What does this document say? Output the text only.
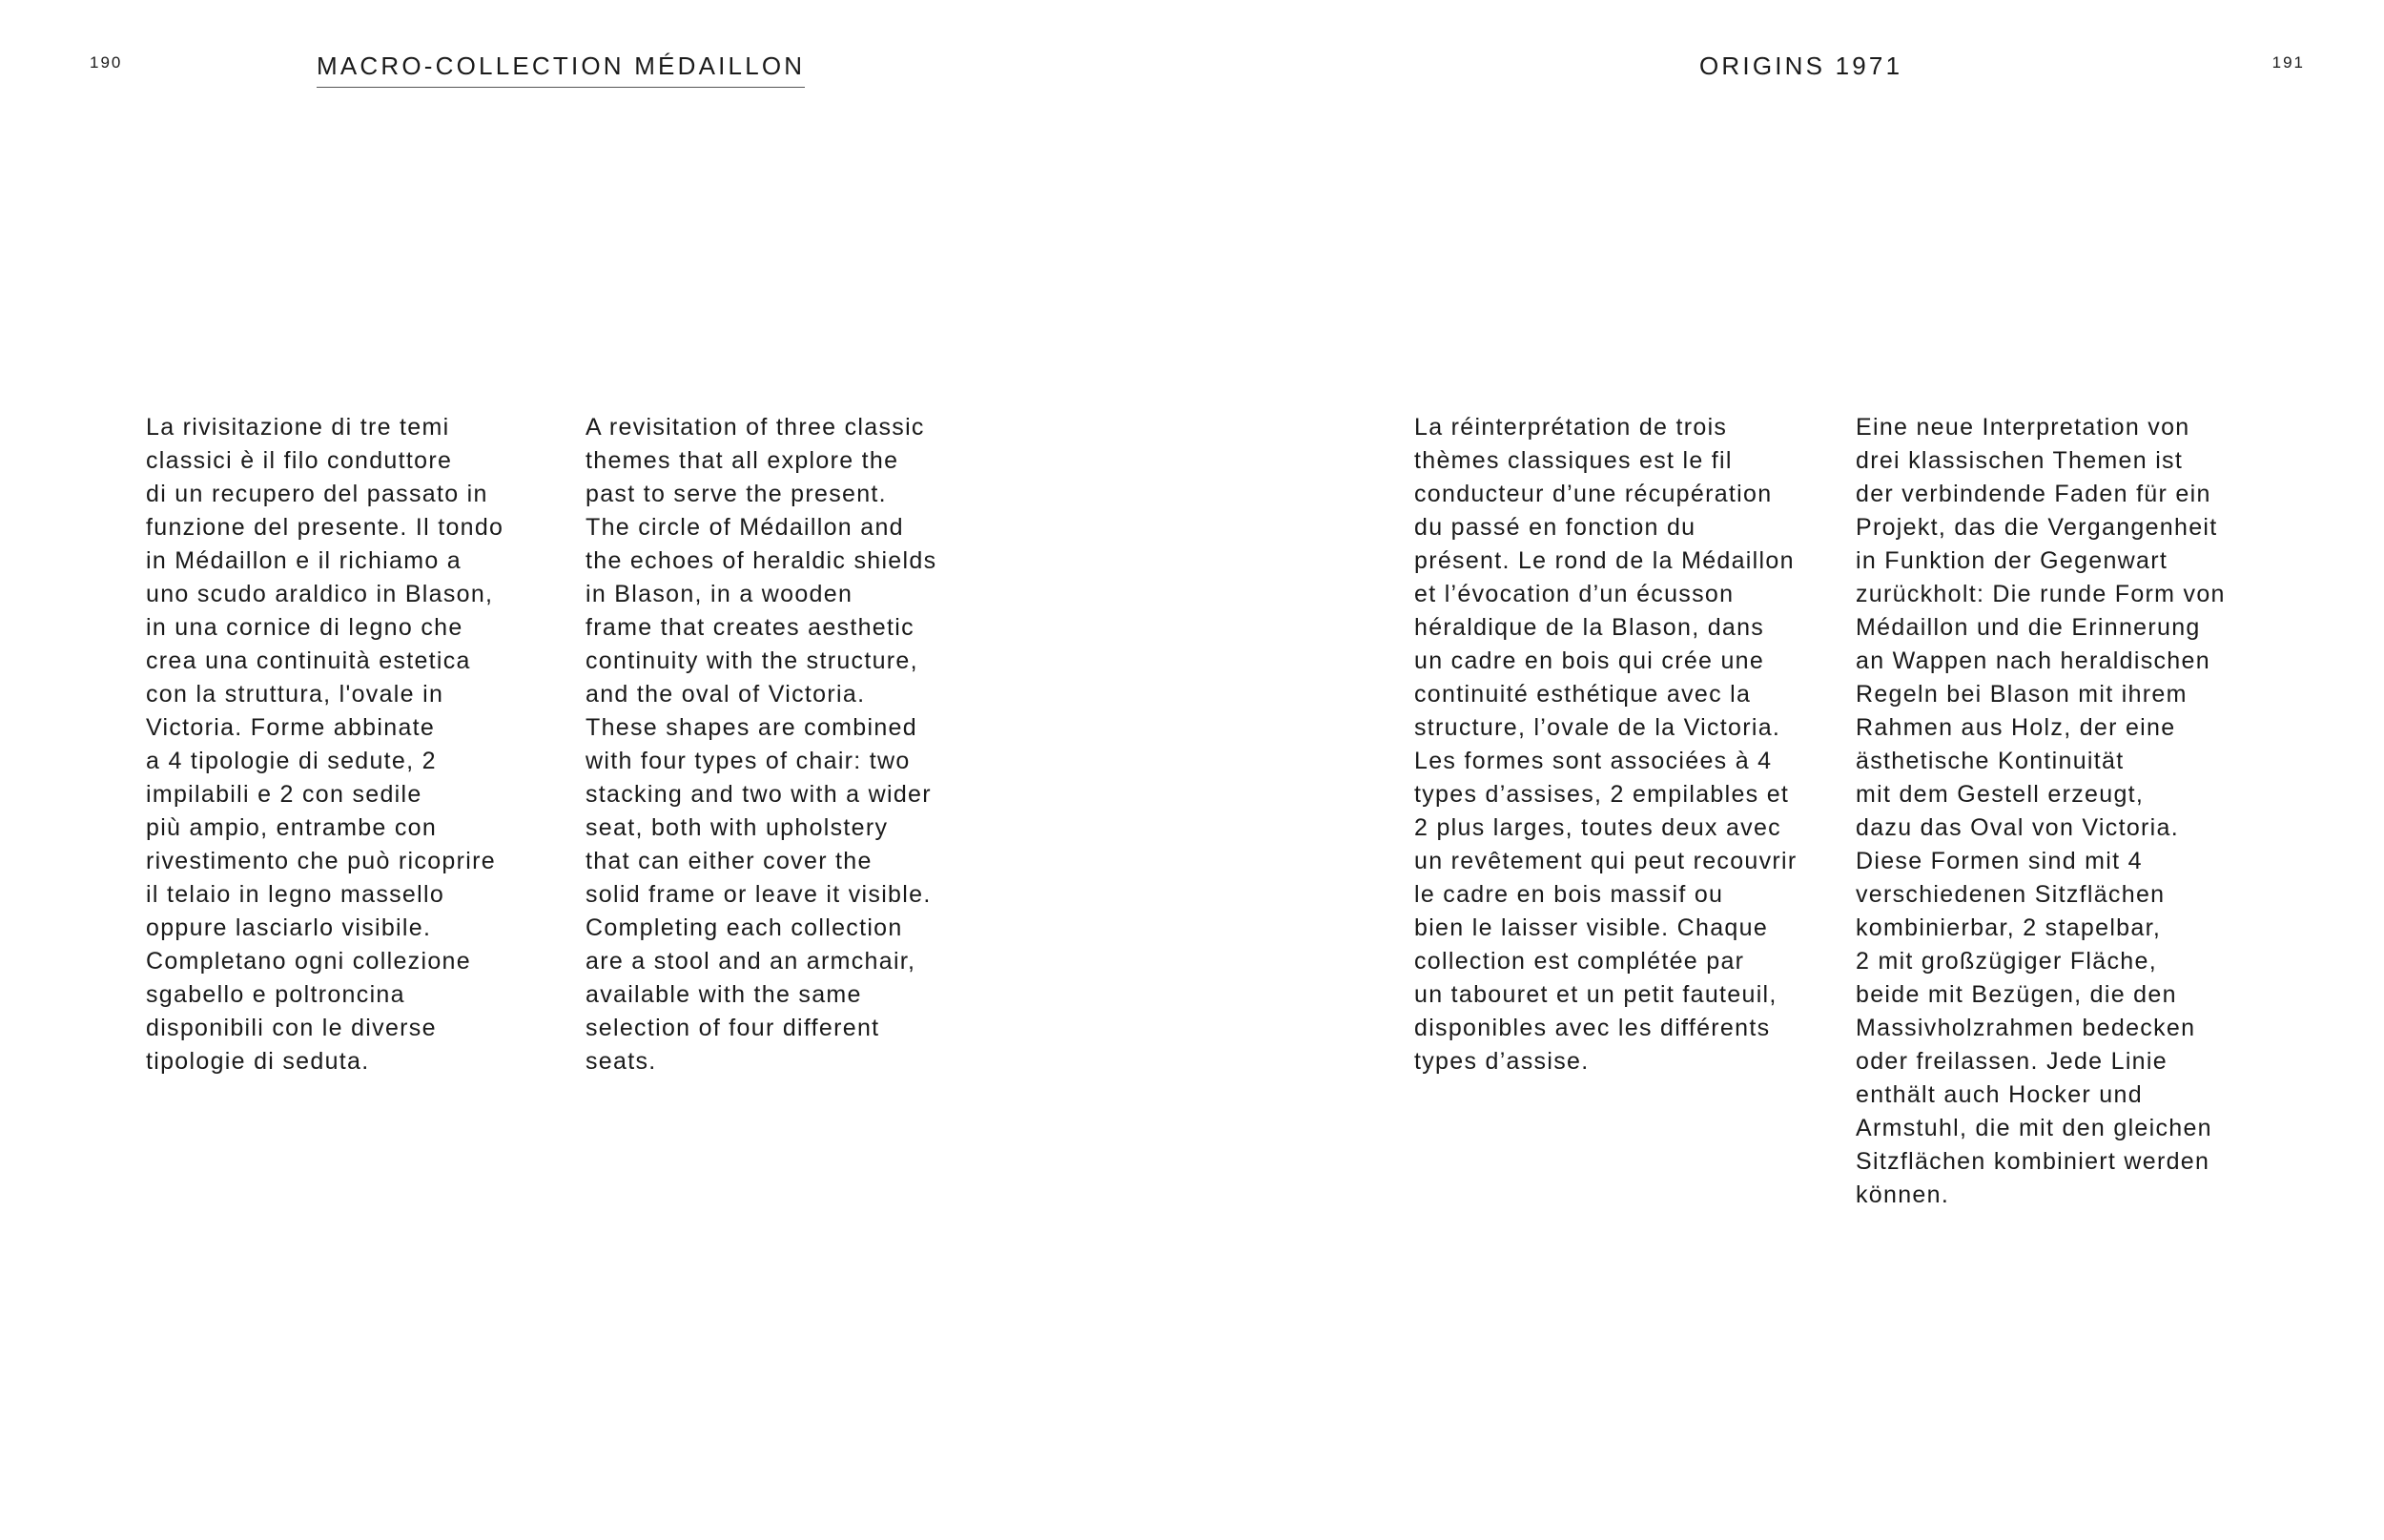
190	MACRO-COLLECTION MÉDAILLON

La rivisitazione di tre temi
classici è il filo conduttore
di un recupero del passato in
funzione del presente. Il tondo
in Médaillon e il richiamo a
uno scudo araldico in Blason,
in una cornice di legno che
crea una continuità estetica
con la struttura, l'ovale in
Victoria. Forme abbinate
a 4 tipologie di sedute, 2
impilabili e 2 con sedile
più ampio, entrambe con
rivestimento che può ricoprire
il telaio in legno massello
oppure lasciarlo visibile.
Completano ogni collezione
sgabello e poltroncina
disponibili con le diverse
tipologie di seduta.

A revisitation of three classic
themes that all explore the
past to serve the present.
The circle of Médaillon and
the echoes of heraldic shields
in Blason, in a wooden
frame that creates aesthetic
continuity with the structure,
and the oval of Victoria.
These shapes are combined
with four types of chair: two
stacking and two with a wider
seat, both with upholstery
that can either cover the
solid frame or leave it visible.
Completing each collection
are a stool and an armchair,
available with the same
selection of four different
seats.

191
ORIGINS 1971

La réinterprétation de trois
thèmes classiques est le fil
conducteur d’une récupération
du passé en fonction du
présent. Le rond de la Médaillon
et l’évocation d’un écusson
héraldique de la Blason, dans
un cadre en bois qui crée une
continuité esthétique avec la
structure, l’ovale de la Victoria.
Les formes sont associées à 4
types d’assises, 2 empilables et
2 plus larges, toutes deux avec
un revêtement qui peut recouvrir
le cadre en bois massif ou
bien le laisser visible. Chaque
collection est complétée par
un tabouret et un petit fauteuil,
disponibles avec les différents
types d’assise.

Eine neue Interpretation von
drei klassischen Themen ist
der verbindende Faden für ein
Projekt, das die Vergangenheit
in Funktion der Gegenwart
zurückholt: Die runde Form von
Médaillon und die Erinnerung
an Wappen nach heraldischen
Regeln bei Blason mit ihrem
Rahmen aus Holz, der eine
ästhetische Kontinuität
mit dem Gestell erzeugt,
dazu das Oval von Victoria.
Diese Formen sind mit 4
verschiedenen Sitzflächen
kombinierbar, 2 stapelbar,
2 mit großzügiger Fläche,
beide mit Bezügen, die den
Massivholzrahmen bedecken
oder freilassen. Jede Linie
enthält auch Hocker und
Armstuhl, die mit den gleichen
Sitzflächen kombiniert werden
können.
